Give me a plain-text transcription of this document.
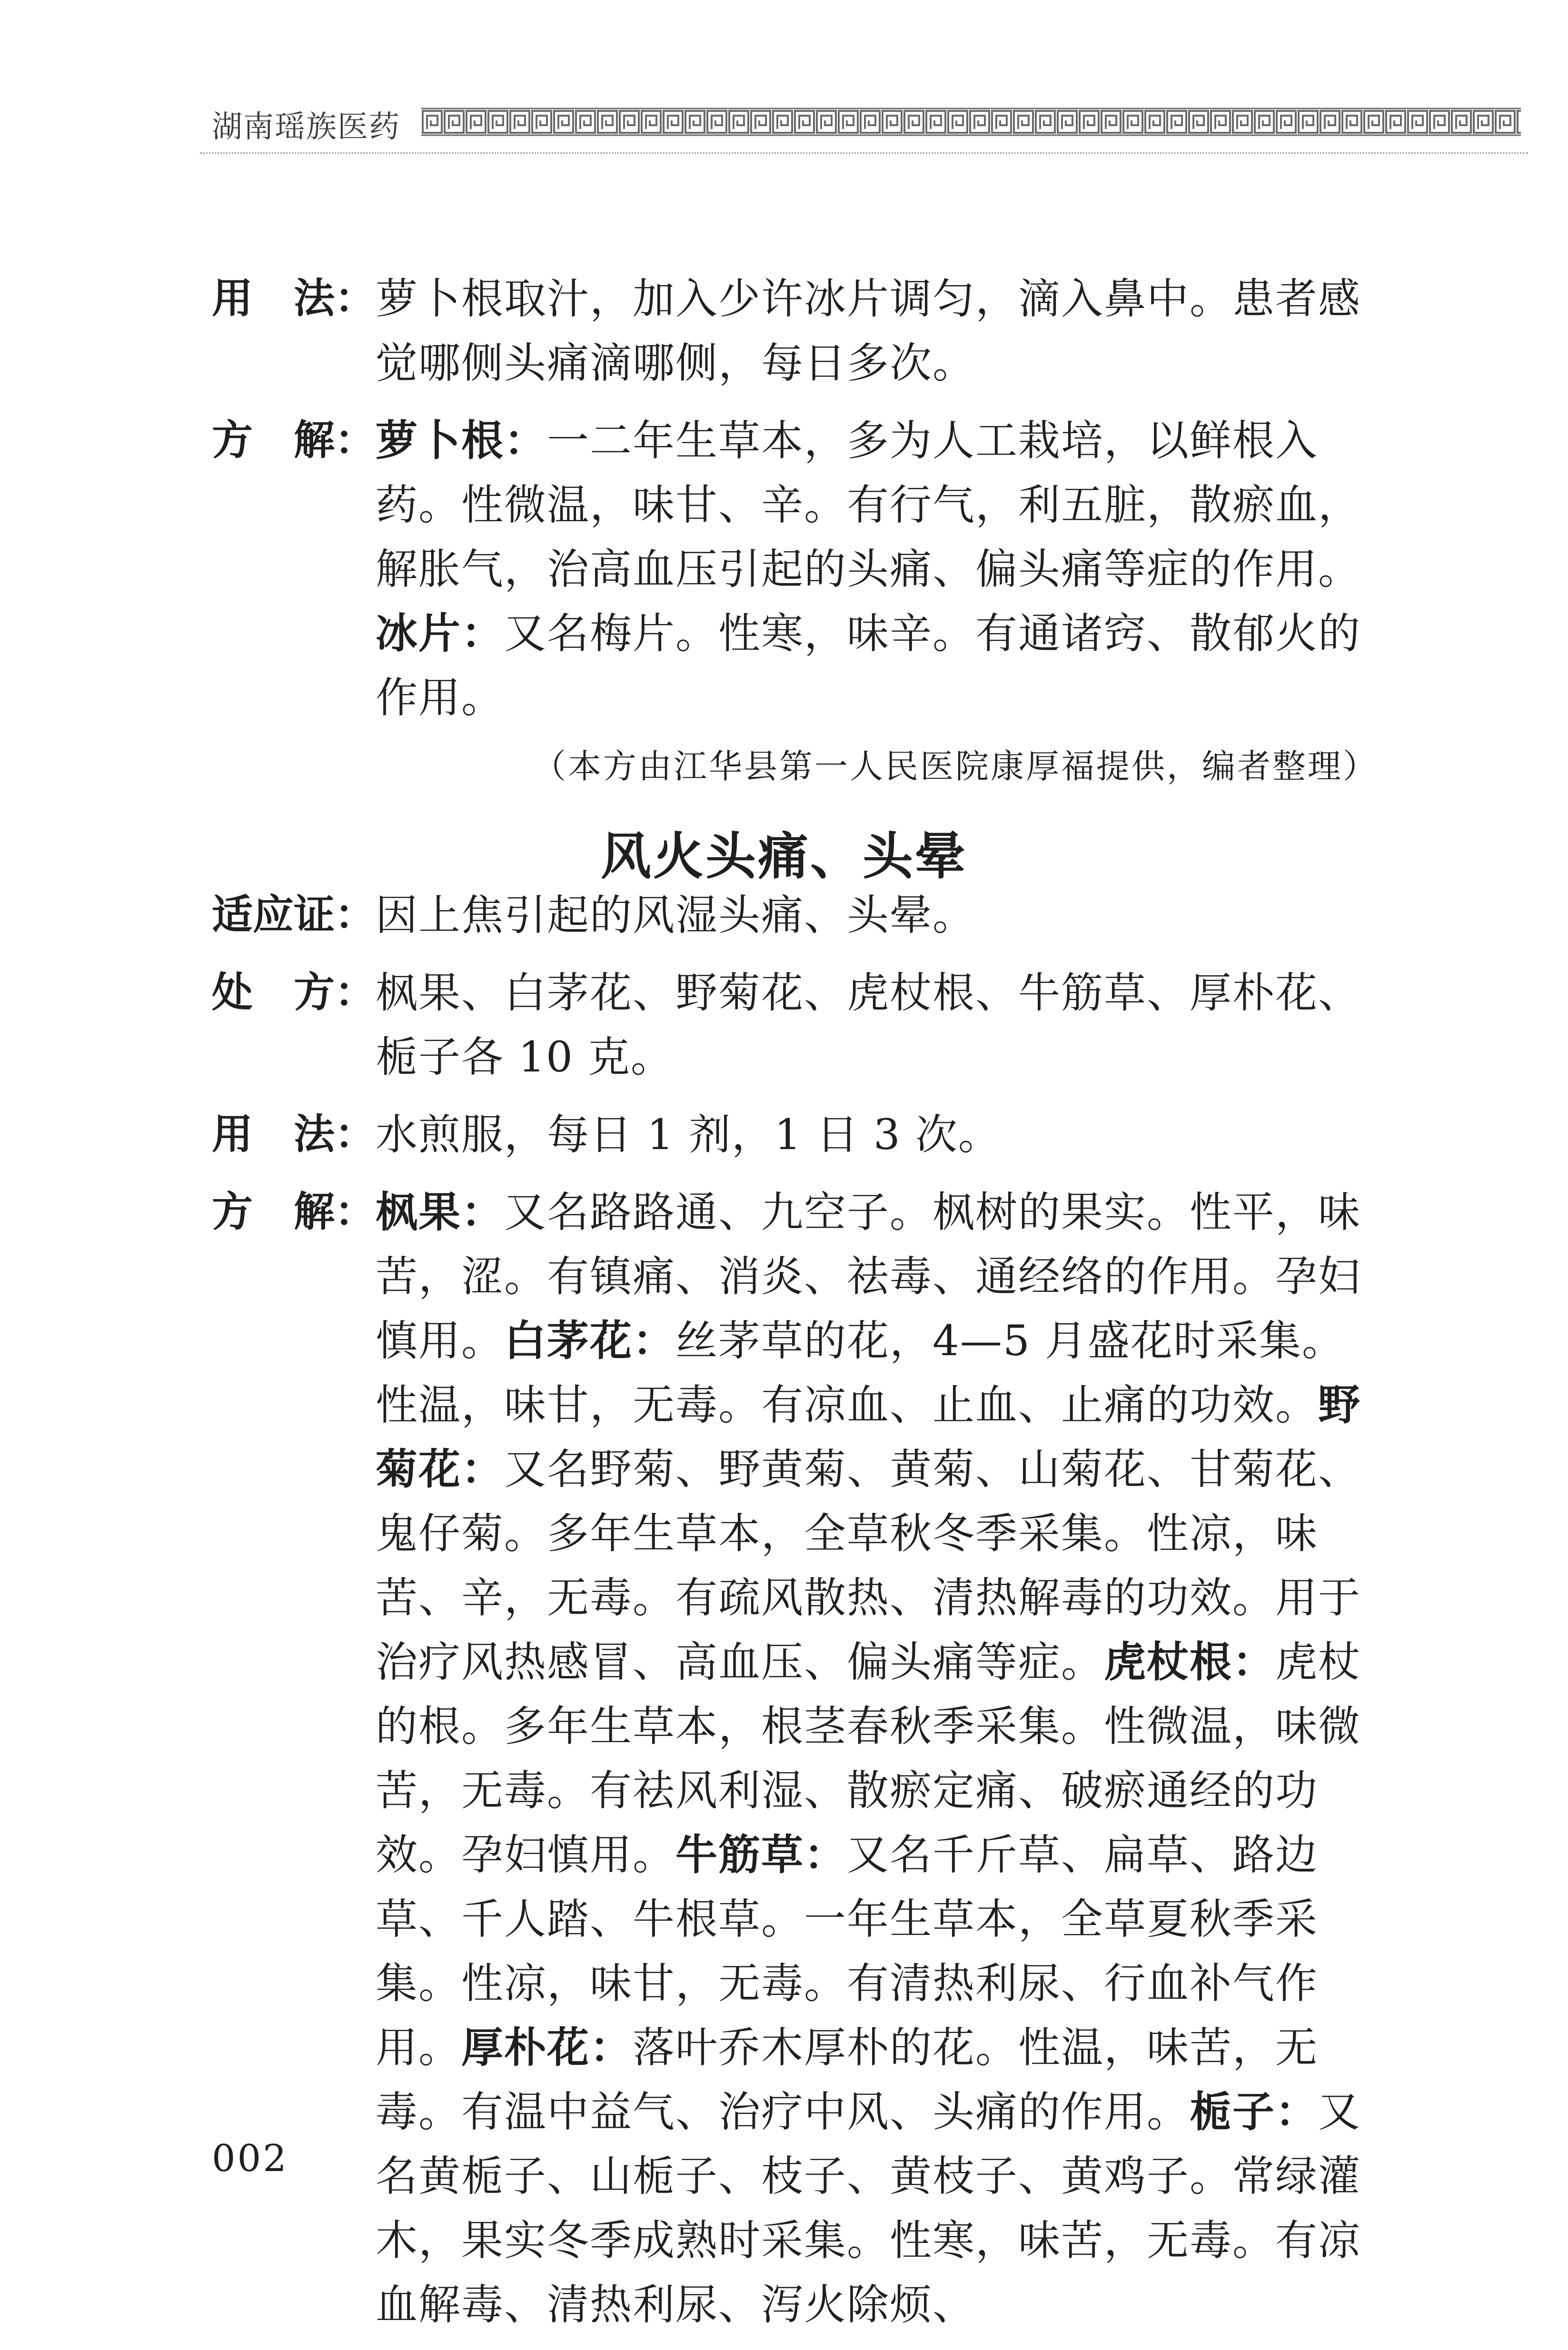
湖南瑶族医药
用　法： 萝卜根取汁，加入少许冰片调匀，滴入鼻中。患者感觉哪侧头痛滴哪侧，每日多次。
方　解： 萝卜根：一二年生草本，多为人工栽培，以鲜根入药。性微温，味甘、辛。有行气，利五脏，散瘀血，解胀气，治高血压引起的头痛、偏头痛等症的作用。冰片：又名梅片。性寒，味辛。有通诸窍、散郁火的作用。
（本方由江华县第一人民医院康厚福提供，编者整理）
风火头痛、头晕
适应证： 因上焦引起的风湿头痛、头晕。
处　方： 枫果、白茅花、野菊花、虎杖根、牛筋草、厚朴花、栀子各 10 克。
用　法： 水煎服，每日 1 剂，1 日 3 次。
方　解： 枫果：又名路路通、九空子。枫树的果实。性平，味苦，涩。有镇痛、消炎、祛毒、通经络的作用。孕妇慎用。白茅花：丝茅草的花，4—5 月盛花时采集。性温，味甘，无毒。有凉血、止血、止痛的功效。野菊花：又名野菊、野黄菊、黄菊、山菊花、甘菊花、鬼仔菊。多年生草本，全草秋冬季采集。性凉，味苦、辛，无毒。有疏风散热、清热解毒的功效。用于治疗风热感冒、高血压、偏头痛等症。虎杖根：虎杖的根。多年生草本，根茎春秋季采集。性微温，味微苦，无毒。有祛风利湿、散瘀定痛、破瘀通经的功效。孕妇慎用。牛筋草：又名千斤草、扁草、路边草、千人踏、牛根草。一年生草本，全草夏秋季采集。性凉，味甘，无毒。有清热利尿、行血补气作用。厚朴花：落叶乔木厚朴的花。性温，味苦，无毒。有温中益气、治疗中风、头痛的作用。栀子：又名黄栀子、山栀子、枝子、黄枝子、黄鸡子。常绿灌木，果实冬季成熟时采集。性寒，味苦，无毒。有凉血解毒、清热利尿、泻火除烦、
002
